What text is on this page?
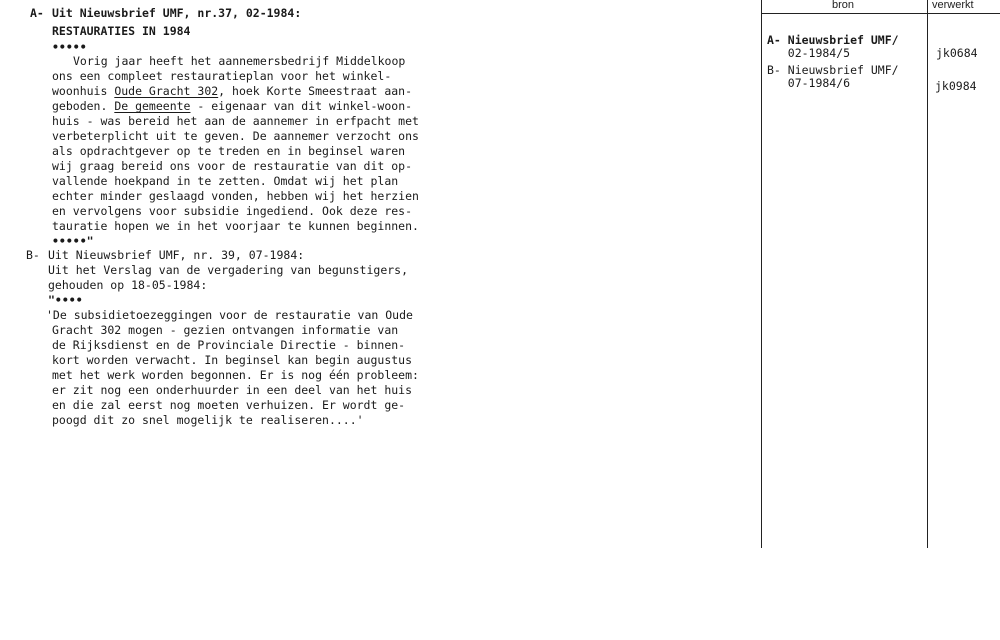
bron	verwerkt
A- Nieuwsbrief UMF/
02-1984/5	jk0684
B- Nieuwsbrief UMF/
07-1984/6	jk0984
A- Uit Nieuwsbrief UMF, nr.37, 02-1984:
RESTAURATIES IN 1984
•••••
Vorig jaar heeft het aannemersbedrijf Middelkoop
ons een compleet restauratieplan voor het winkel-
woonhuis Oude Gracht 302, hoek Korte Smeestraat aan-
geboden. De gemeente - eigenaar van dit winkel-woon-
huis - was bereid het aan de aannemer in erfpacht met
verbeterplicht uit te geven. De aannemer verzocht ons
als opdrachtgever op te treden en in beginsel waren
wij graag bereid ons voor de restauratie van dit op-
vallende hoekpand in te zetten. Omdat wij het plan
echter minder geslaagd vonden, hebben wij het herzien
en vervolgens voor subsidie ingediend. Ook deze res-
tauratie hopen we in het voorjaar te kunnen beginnen.
•••••"
B- Uit Nieuwsbrief UMF, nr. 39, 07-1984:
Uit het Verslag van de vergadering van begunstigers,
gehouden op 18-05-1984:
"••••
'De subsidietoezeggingen voor de restauratie van Oude
Gracht 302 mogen - gezien ontvangen informatie van
de Rijksdienst en de Provinciale Directie - binnen-
kort worden verwacht. In beginsel kan begin augustus
met het werk worden begonnen. Er is nog één probleem:
er zit nog een onderhuurder in een deel van het huis
en die zal eerst nog moeten verhuizen. Er wordt ge-
poogd dit zo snel mogelijk te realiseren....'
